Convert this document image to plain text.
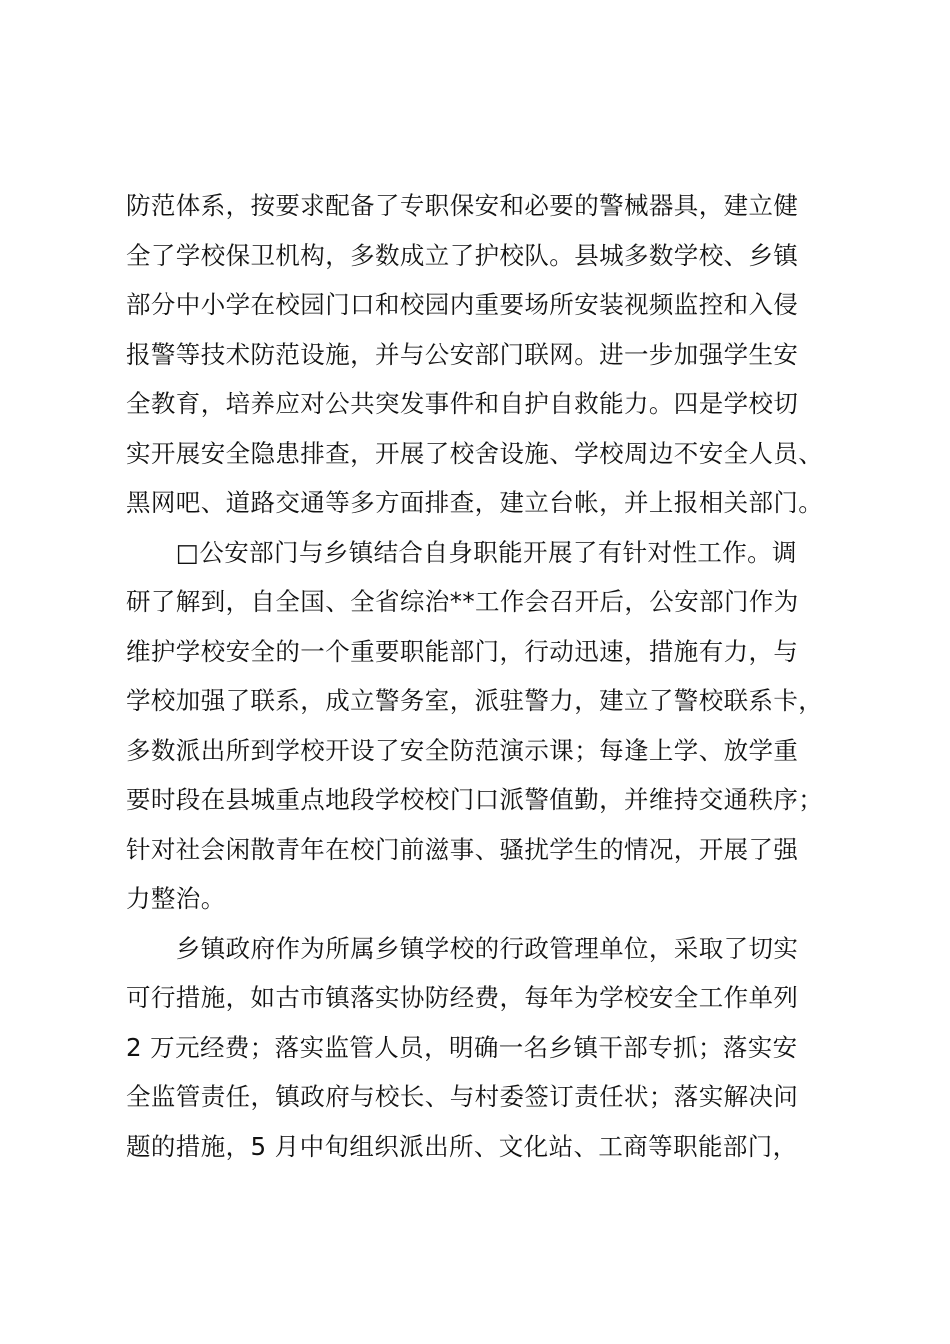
防范体系，按要求配备了专职保安和必要的警械器具，建立健
全了学校保卫机构，多数成立了护校队。县城多数学校、乡镇
部分中小学在校园门口和校园内重要场所安装视频监控和入侵
报警等技术防范设施，并与公安部门联网。进一步加强学生安
全教育，培养应对公共突发事件和自护自救能力。四是学校切
实开展安全隐患排查，开展了校舍设施、学校周边不安全人员、
黑网吧、道路交通等多方面排查，建立台帐，并上报相关部门。
　　□公安部门与乡镇结合自身职能开展了有针对性工作。调
研了解到，自全国、全省综治**工作会召开后，公安部门作为
维护学校安全的一个重要职能部门，行动迅速，措施有力，与
学校加强了联系，成立警务室，派驻警力，建立了警校联系卡，
多数派出所到学校开设了安全防范演示课；每逢上学、放学重
要时段在县城重点地段学校校门口派警值勤，并维持交通秩序；
针对社会闲散青年在校门前滋事、骚扰学生的情况，开展了强
力整治。
　　乡镇政府作为所属乡镇学校的行政管理单位，采取了切实
可行措施，如古市镇落实协防经费，每年为学校安全工作单列
2 万元经费；落实监管人员，明确一名乡镇干部专抓；落实安
全监管责任，镇政府与校长、与村委签订责任状；落实解决问
题的措施，5 月中旬组织派出所、文化站、工商等职能部门，
